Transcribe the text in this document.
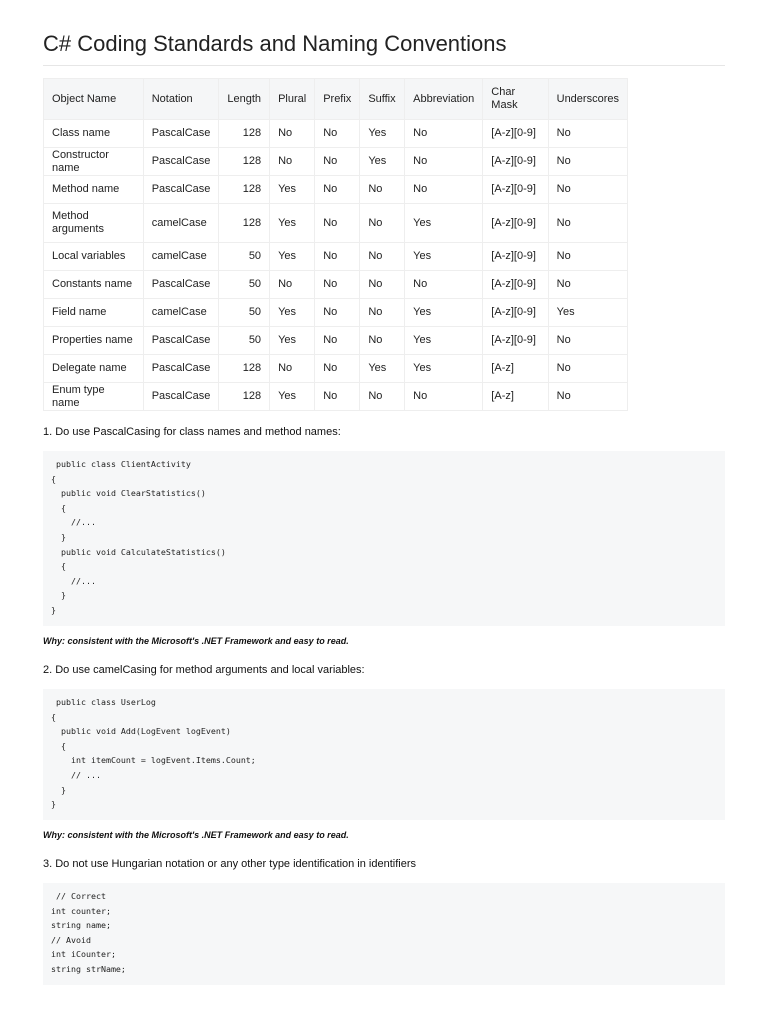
C# Coding Standards and Naming Conventions
Object Name	Notation	Length	Plural	Prefix	Suffix	Abbreviation	Char Mask	Underscores
Class name	PascalCase	128	No	No	Yes	No	[A-z][0-9]	No
Constructor name	PascalCase	128	No	No	Yes	No	[A-z][0-9]	No
Method name	PascalCase	128	Yes	No	No	No	[A-z][0-9]	No
Method arguments	camelCase	128	Yes	No	No	Yes	[A-z][0-9]	No
Local variables	camelCase	50	Yes	No	No	Yes	[A-z][0-9]	No
Constants name	PascalCase	50	No	No	No	No	[A-z][0-9]	No
Field name	camelCase	50	Yes	No	No	Yes	[A-z][0-9]	Yes
Properties name	PascalCase	50	Yes	No	No	Yes	[A-z][0-9]	No
Delegate name	PascalCase	128	No	No	Yes	Yes	[A-z]	No
Enum type name	PascalCase	128	Yes	No	No	No	[A-z]	No

1. Do use PascalCasing for class names and method names:

public class ClientActivity
{
public void ClearStatistics()
{
//...
}
public void CalculateStatistics()
{
//...
}
}

Why: consistent with the Microsoft's .NET Framework and easy to read.

2. Do use camelCasing for method arguments and local variables:

public class UserLog
{
public void Add(LogEvent logEvent)
{
int itemCount = logEvent.Items.Count;
// ...
}
}

Why: consistent with the Microsoft's .NET Framework and easy to read.

3. Do not use Hungarian notation or any other type identification in identifiers

// Correct
int counter;
string name;
// Avoid
int iCounter;
string strName;
